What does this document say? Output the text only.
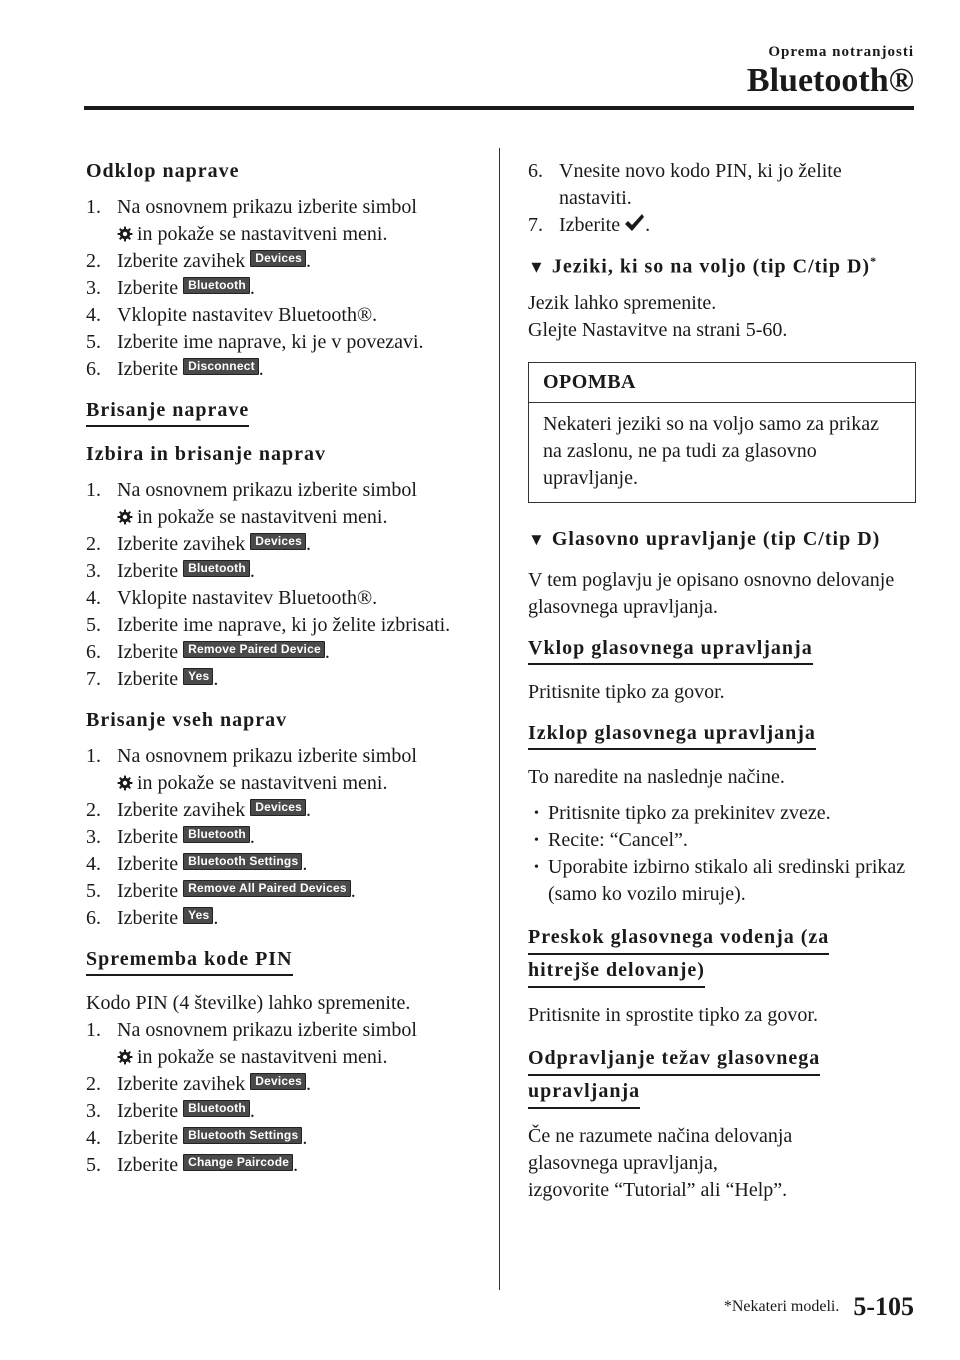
Oprema notranjosti
Bluetooth®
Odklop naprave
1. Na osnovnem prikazu izberite simbol
in pokaže se nastavitveni meni.
2. Izberite zavihek Devices .
3. Izberite Bluetooth .
4. Vklopite nastavitev Bluetooth®.
5. Izberite ime naprave, ki je v povezavi.
6. Izberite Disconnect .
Brisanje naprave
Izbira in brisanje naprav
1. Na osnovnem prikazu izberite simbol
in pokaže se nastavitveni meni.
2. Izberite zavihek Devices .
3. Izberite Bluetooth .
4. Vklopite nastavitev Bluetooth®.
5. Izberite ime naprave, ki jo želite izbrisati.
6. Izberite Remove Paired Device .
7. Izberite Yes .
Brisanje vseh naprav
1. Na osnovnem prikazu izberite simbol
in pokaže se nastavitveni meni.
2. Izberite zavihek Devices .
3. Izberite Bluetooth .
4. Izberite Bluetooth Settings .
5. Izberite Remove All Paired Devices .
6. Izberite Yes .
Sprememba kode PIN
Kodo PIN (4 številke) lahko spremenite.
1. Na osnovnem prikazu izberite simbol
in pokaže se nastavitveni meni.
2. Izberite zavihek Devices .
3. Izberite Bluetooth .
4. Izberite Bluetooth Settings .
5. Izberite Change Paircode .
6. Vnesite novo kodo PIN, ki jo želite nastaviti.
7. Izberite .
▼ Jeziki, ki so na voljo (tip C/tip D)*
Jezik lahko spremenite.
Glejte Nastavitve na strani 5-60.
OPOMBA
Nekateri jeziki so na voljo samo za prikaz na zaslonu, ne pa tudi za glasovno upravljanje.
▼ Glasovno upravljanje (tip C/tip D)
V tem poglavju je opisano osnovno delovanje glasovnega upravljanja.
Vklop glasovnega upravljanja
Pritisnite tipko za govor.
Izklop glasovnega upravljanja
To naredite na naslednje načine.
• Pritisnite tipko za prekinitev zveze.
• Recite: “Cancel”.
• Uporabite izbirno stikalo ali sredinski prikaz (samo ko vozilo miruje).
Preskok glasovnega vodenja (za
hitrejše delovanje)
Pritisnite in sprostite tipko za govor.
Odpravljanje težav glasovnega
upravljanja
Če ne razumete načina delovanja
glasovnega upravljanja,
izgovorite “Tutorial” ali “Help”.
*Nekateri modeli. 5-105
